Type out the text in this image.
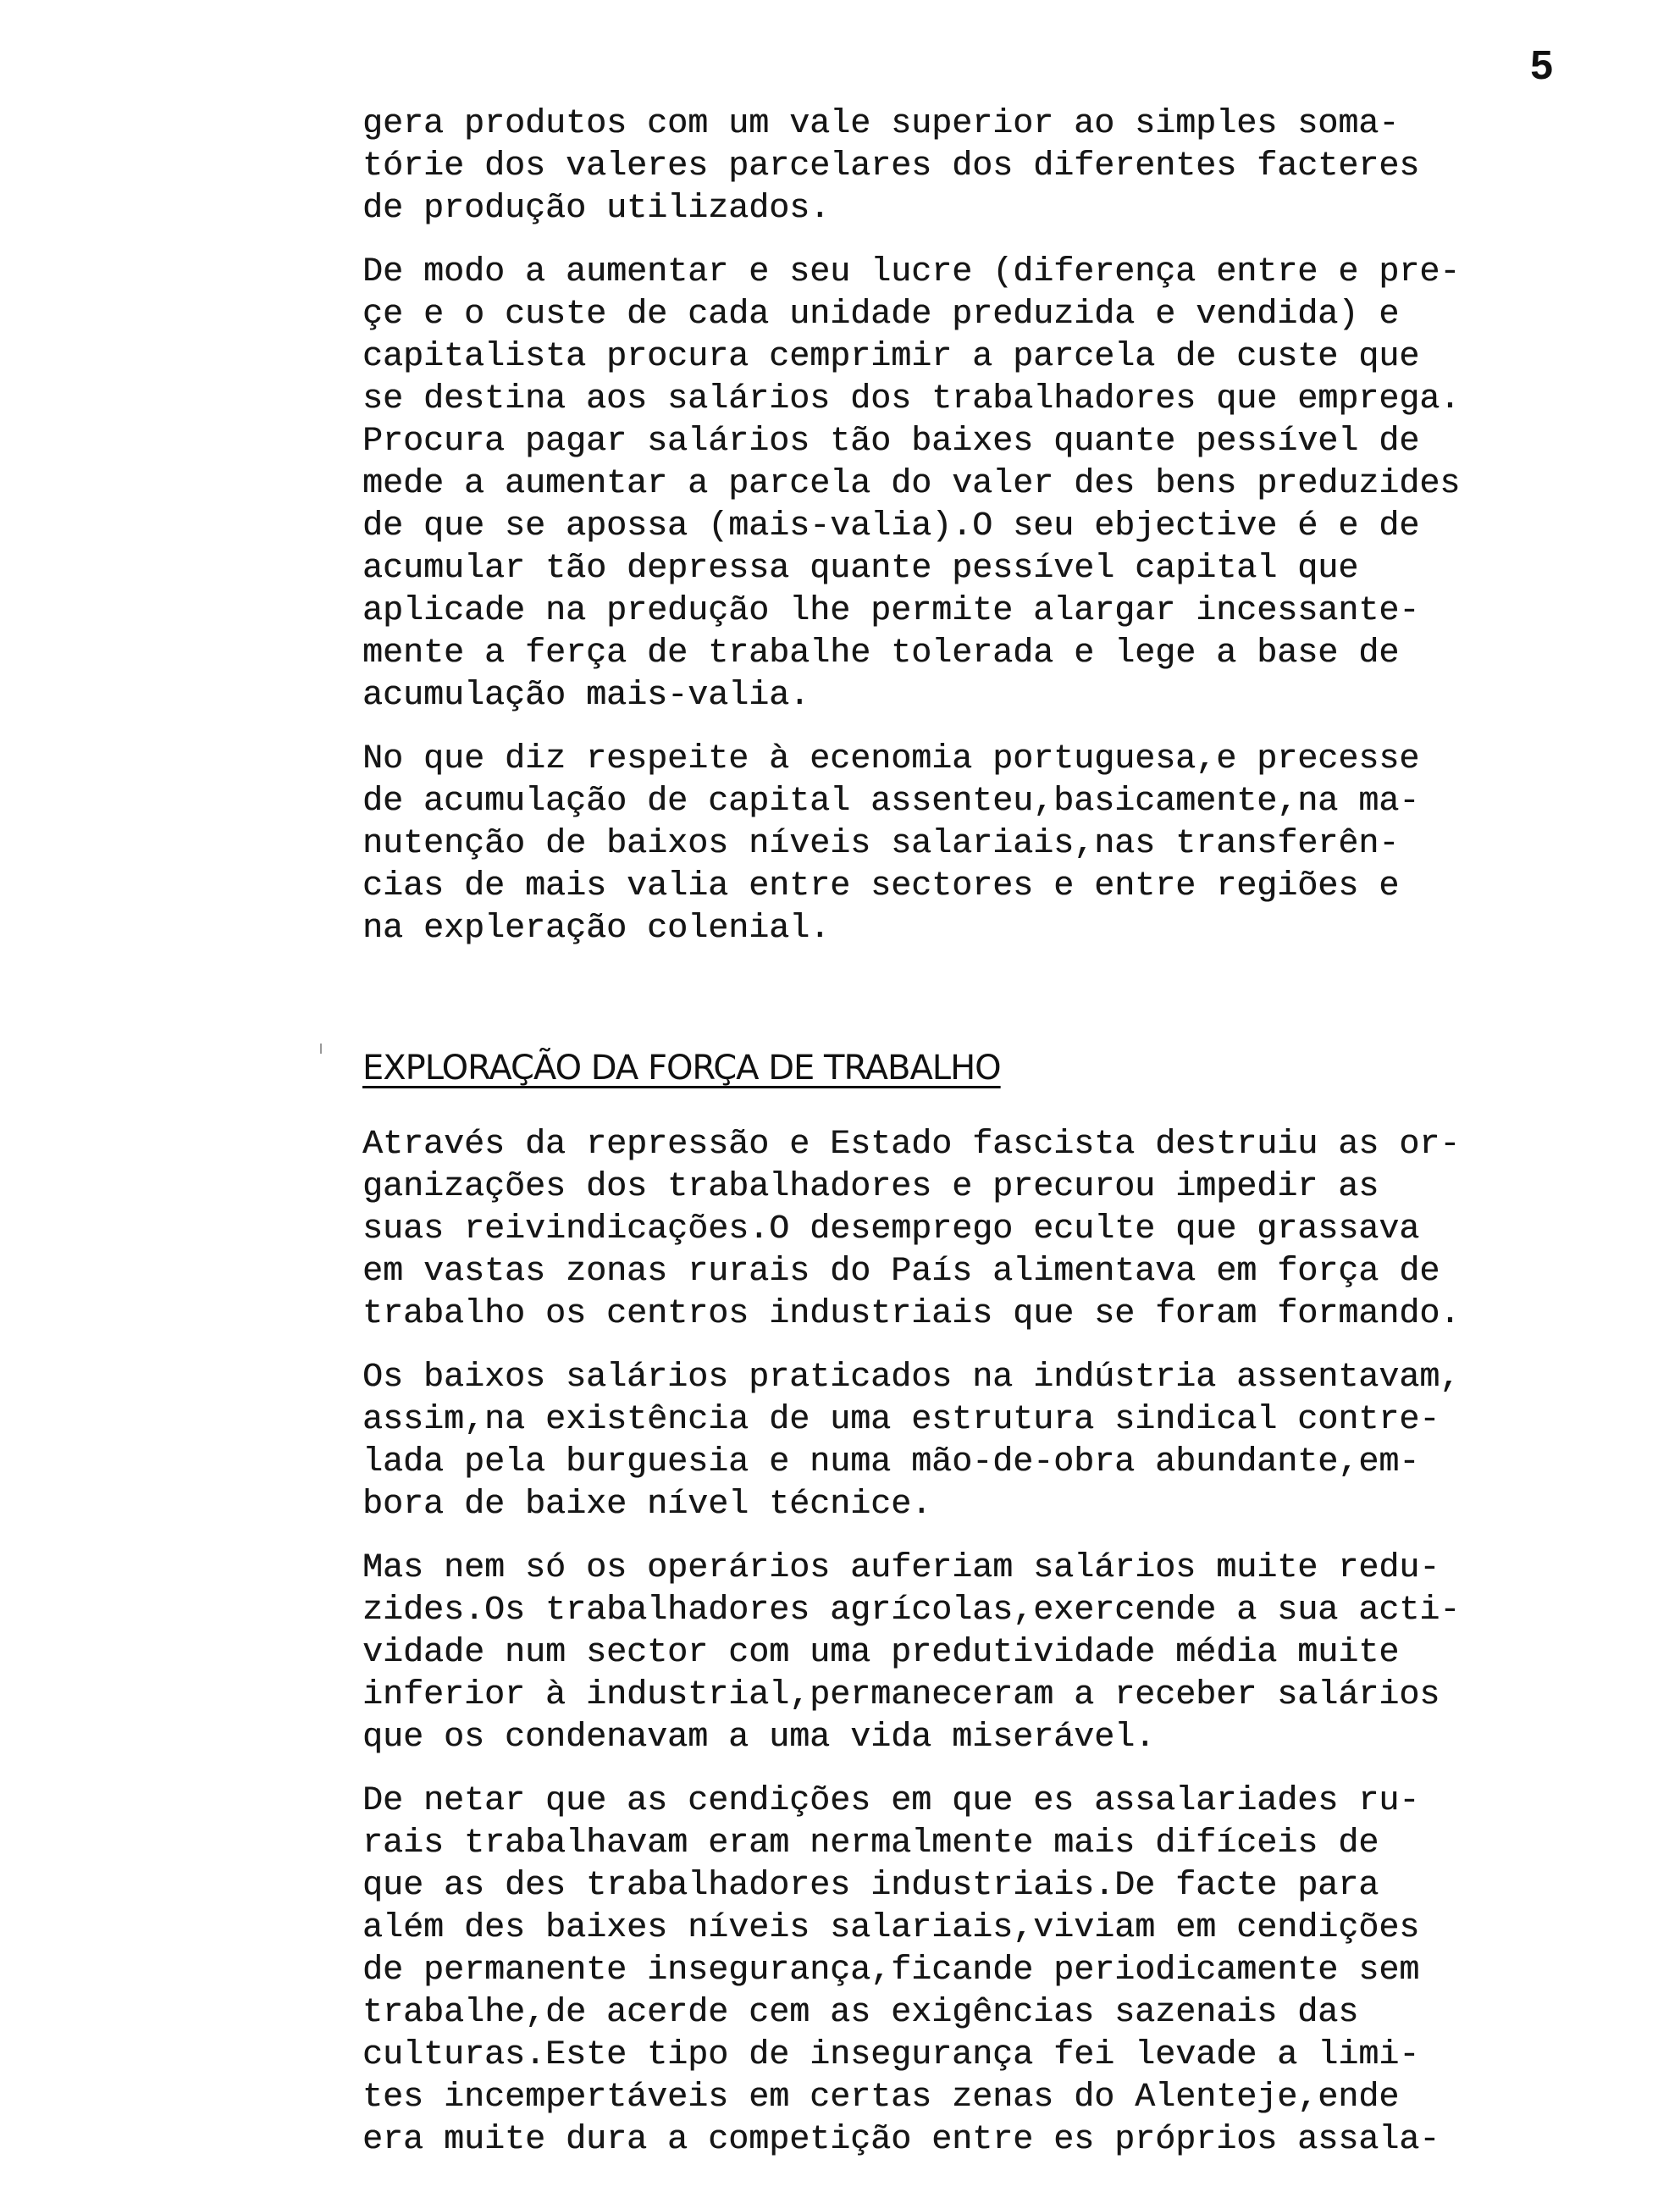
5
gera produtos com um vale superior ao simples soma-
tórie dos valeres parcelares dos diferentes facteres
de produção utilizados.
De modo a aumentar e seu lucre (diferença entre e pre-
çe e o custe de cada unidade preduzida e vendida) e
capitalista procura cemprimir a parcela de custe que
se destina aos salários dos trabalhadores que emprega.
Procura pagar salários tão baixes quante pessível de
mede a aumentar a parcela do valer des bens preduzides
de que se apossa (mais-valia).O seu ebjective é e de
acumular tão depressa quante pessível capital que
aplicade na predução lhe permite alargar incessante-
mente a ferça de trabalhe tolerada e lege a base de
acumulação mais-valia.
No que diz respeite à ecenomia portuguesa,e precesse
de acumulação de capital assenteu,basicamente,na ma-
nutenção de baixos níveis salariais,nas transferên-
cias de mais valia entre sectores e entre regiões e
na expleração colenial.
EXPLORAÇÃO DA FORÇA DE TRABALHO
Através da repressão e Estado fascista destruiu as or-
ganizações dos trabalhadores e precurou impedir as
suas reivindicações.O desemprego eculte que grassava
em vastas zonas rurais do País alimentava em força de
trabalho os centros industriais que se foram formando.
Os baixos salários praticados na indústria assentavam,
assim,na existência de uma estrutura sindical contre-
lada pela burguesia e numa mão-de-obra abundante,em-
bora de baixe nível técnice.
Mas nem só os operários auferiam salários muite redu-
zides.Os trabalhadores agrícolas,exercende a sua acti-
vidade num sector com uma predutividade média muite
inferior à industrial,permaneceram a receber salários
que os condenavam a uma vida miserável.
De netar que as cendições em que es assalariades ru-
rais trabalhavam eram nermalmente mais difíceis de
que as des trabalhadores industriais.De facte para
além des baixes níveis salariais,viviam em cendições
de permanente insegurança,ficande periodicamente sem
trabalhe,de acerde cem as exigências sazenais das
culturas.Este tipo de insegurança fei levade a limi-
tes incempertáveis em certas zenas do Alenteje,ende
era muite dura a competição entre es próprios assala-
